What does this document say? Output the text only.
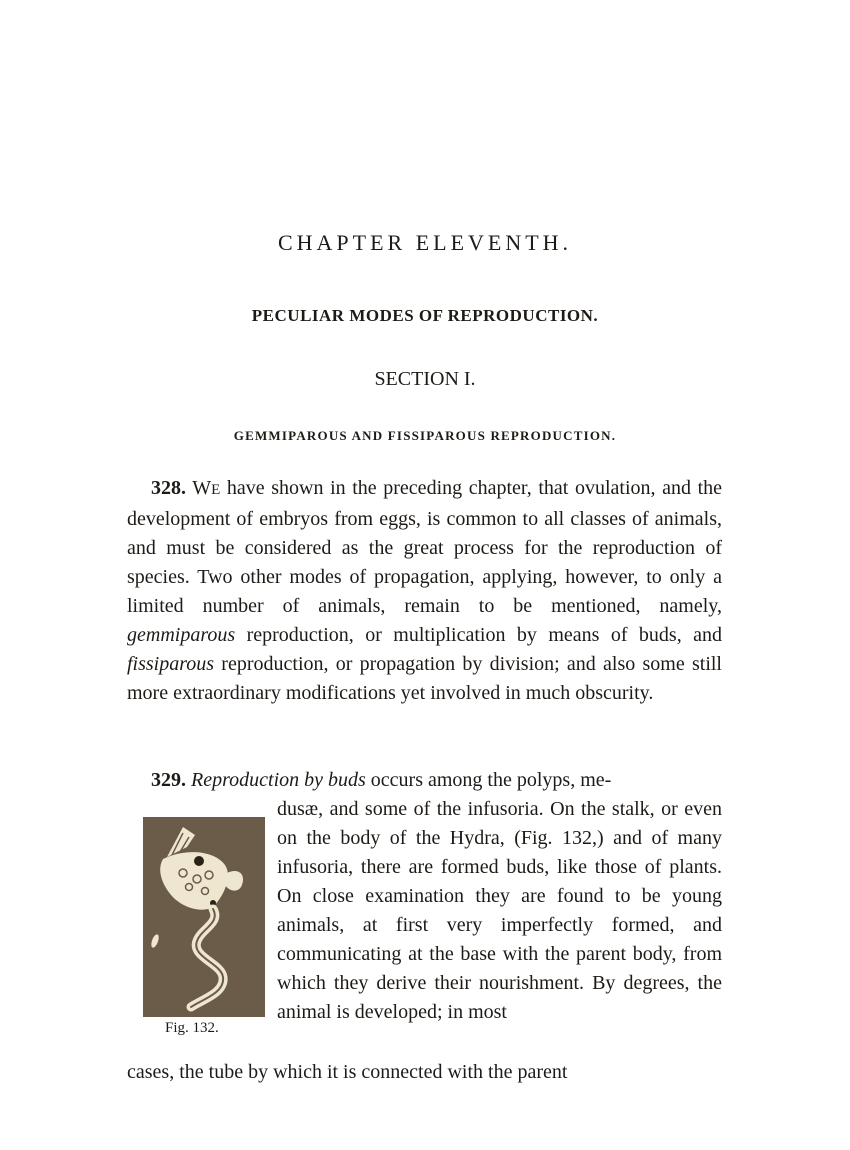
CHAPTER ELEVENTH.
PECULIAR MODES OF REPRODUCTION.
SECTION I.
GEMMIPAROUS AND FISSIPAROUS REPRODUCTION.

328. WE have shown in the preceding chapter, that ovulation, and the development of embryos from eggs, is common to all classes of animals, and must be considered as the great process for the reproduction of species. Two other modes of propagation, applying, however, to only a limited number of animals, remain to be mentioned, namely, gemmiparous reproduction, or multiplication by means of buds, and fissiparous reproduction, or propagation by division; and also some still more extraordinary modifications yet involved in much obscurity.

329. Reproduction by buds occurs among the polyps, me-

dusæ, and some of the infusoria. On the stalk, or even on the body of the Hydra, (Fig. 132,) and of many infusoria, there are formed buds, like those of plants. On close examination they are found to be young animals, at first very imperfectly formed, and communicating at the base with the parent body, from which they derive their nourishment. By degrees, the animal is developed; in most

cases, the tube by which it is connected with the parent

Fig. 132.
